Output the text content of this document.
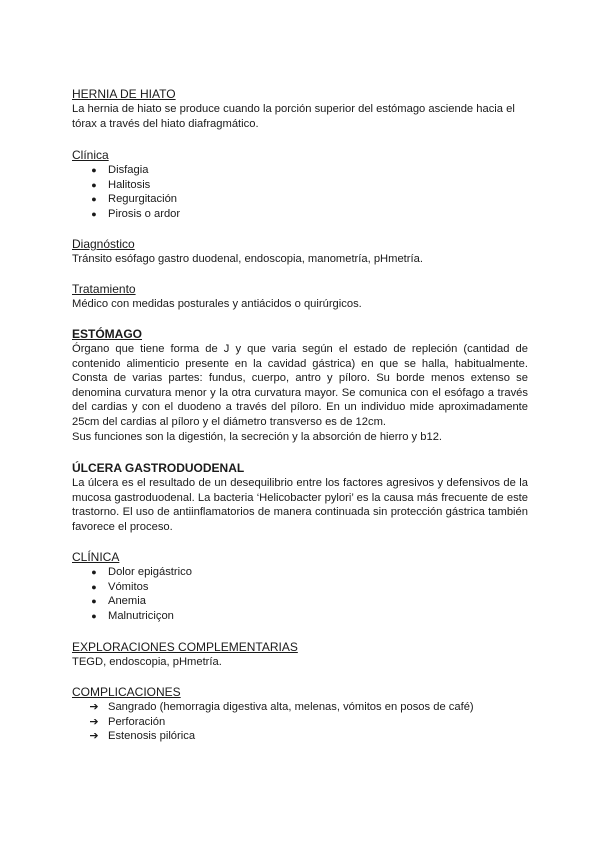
HERNIA DE HIATO

La hernia de hiato se produce cuando la porción superior del estómago asciende hacia el tórax a través del hiato diafragmático.

Clínica
● Disfagia
● Halitosis
● Regurgitación
● Pirosis o ardor
Diagnóstico

Tránsito esófago gastro duodenal, endoscopia, manometría, pHmetría.

Tratamiento

Médico con medidas posturales y antiácidos o quirúrgicos.

ESTÓMAGO

Órgano que tiene forma de J y que varia según el estado de repleción (cantidad de contenido alimenticio presente en la cavidad gástrica) en que se halla, habitualmente. Consta de varias partes: fundus, cuerpo, antro y píloro. Su borde menos extenso se denomina curvatura menor y la otra curvatura mayor. Se comunica con el esófago a través del cardias y con el duodeno a través del píloro. En un individuo mide aproximadamente 25cm del cardias al píloro y el diámetro transverso es de 12cm.

Sus funciones son la digestión, la secreción y la absorción de hierro y b12.

ÚLCERA GASTRODUODENAL

La úlcera es el resultado de un desequilibrio entre los factores agresivos y defensivos de la mucosa gastroduodenal. La bacteria ‘Helicobacter pylori’ es la causa más frecuente de este trastorno. El uso de antiinflamatorios de manera continuada sin protección gástrica también favorece el proceso.

CLÍNICA
● Dolor epigástrico
● Vómitos
● Anemia
● Malnutriciçon
EXPLORACIONES COMPLEMENTARIAS

TEGD, endoscopia, pHmetría.

COMPLICACIONES
➔ Sangrado (hemorragia digestiva alta, melenas, vómitos en posos de café)
➔ Perforación
➔ Estenosis pilórica
